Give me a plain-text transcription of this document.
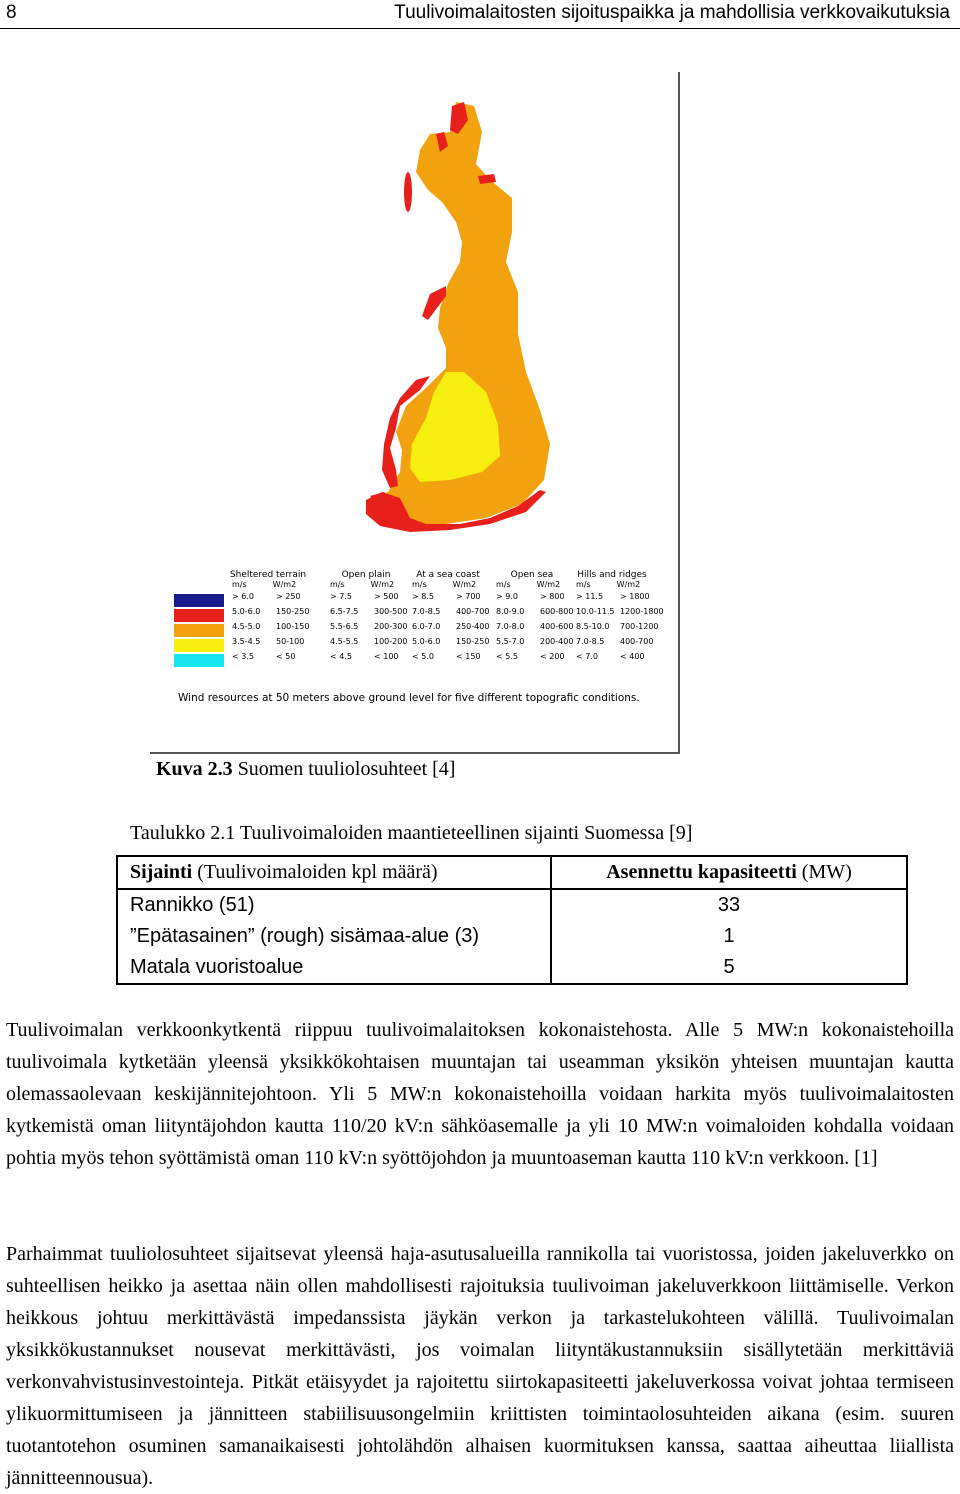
8	Tuulivoimalaitosten sijoituspaikka ja mahdollisia verkkovaikutuksia
Sheltered terrain
m/s	W/m2
> 6.0	> 250
5.0-6.0	150-250
4.5-5.0	100-150
3.5-4.5	50-100
< 3.5	< 50
Open plain
m/s	W/m2
> 7.5	> 500
6.5-7.5	300-500
5.5-6.5	200-300
4.5-5.5	100-200
< 4.5	< 100
At a sea coast
m/s	W/m2
> 8.5	> 700
7.0-8.5	400-700
6.0-7.0	250-400
5.0-6.0	150-250
< 5.0	< 150
Open sea
m/s	W/m2
> 9.0	> 800
8.0-9.0	600-800
7.0-8.0	400-600
5.5-7.0	200-400
< 5.5	< 200
Hills and ridges
m/s	W/m2
> 11.5	> 1800
10.0-11.5 1200-1800
8.5-10.0	700-1200
7.0-8.5	400-700
< 7.0	< 400
Wind resources at 50 meters above ground level for five different topografic conditions.
Kuva 2.3 Suomen tuuliolosuhteet [4]
Taulukko 2.1 Tuulivoimaloiden maantieteellinen sijainti Suomessa [9]
Sijainti (Tuulivoimaloiden kpl määrä)	Asennettu kapasiteetti (MW)
Rannikko (51)	33
”Epätasainen” (rough) sisämaa-alue (3)	1
Matala vuoristoalue	5
Tuulivoimalan verkkoonkytkentä riippuu tuulivoimalaitoksen kokonaistehosta. Alle 5 MW:n kokonaistehoilla tuulivoimala kytketään yleensä yksikkökohtaisen muuntajan tai useamman yksikön yhteisen muuntajan kautta olemassaolevaan keskijännitejohtoon. Yli 5 MW:n kokonaistehoilla voidaan harkita myös tuulivoimalaitosten kytkemistä oman liityntäjohdon kautta 110/20 kV:n sähköasemalle ja yli 10 MW:n voimaloiden kohdalla voidaan pohtia myös tehon syöttämistä oman 110 kV:n syöttöjohdon ja muuntoaseman kautta 110 kV:n verkkoon. [1]
Parhaimmat tuuliolosuhteet sijaitsevat yleensä haja-asutusalueilla rannikolla tai vuoristossa, joiden jakeluverkko on suhteellisen heikko ja asettaa näin ollen mahdollisesti rajoituksia tuulivoiman jakeluverkkoon liittämiselle. Verkon heikkous johtuu merkittävästä impedanssista jäykän verkon ja tarkastelukohteen välillä. Tuulivoimalan yksikkökustannukset nousevat merkittävästi, jos voimalan liityntäkustannuksiin sisällytetään merkittäviä verkonvahvistusinvestointeja. Pitkät etäisyydet ja rajoitettu siirtokapasiteetti jakeluverkossa voivat johtaa termiseen ylikuormittumiseen ja jännitteen stabiilisuusongelmiin kriittisten toimintaolosuhteiden aikana (esim. suuren tuotantotehon osuminen samanaikaisesti johtolähdön alhaisen kuormituksen kanssa, saattaa aiheuttaa liiallista jännitteennousua).
